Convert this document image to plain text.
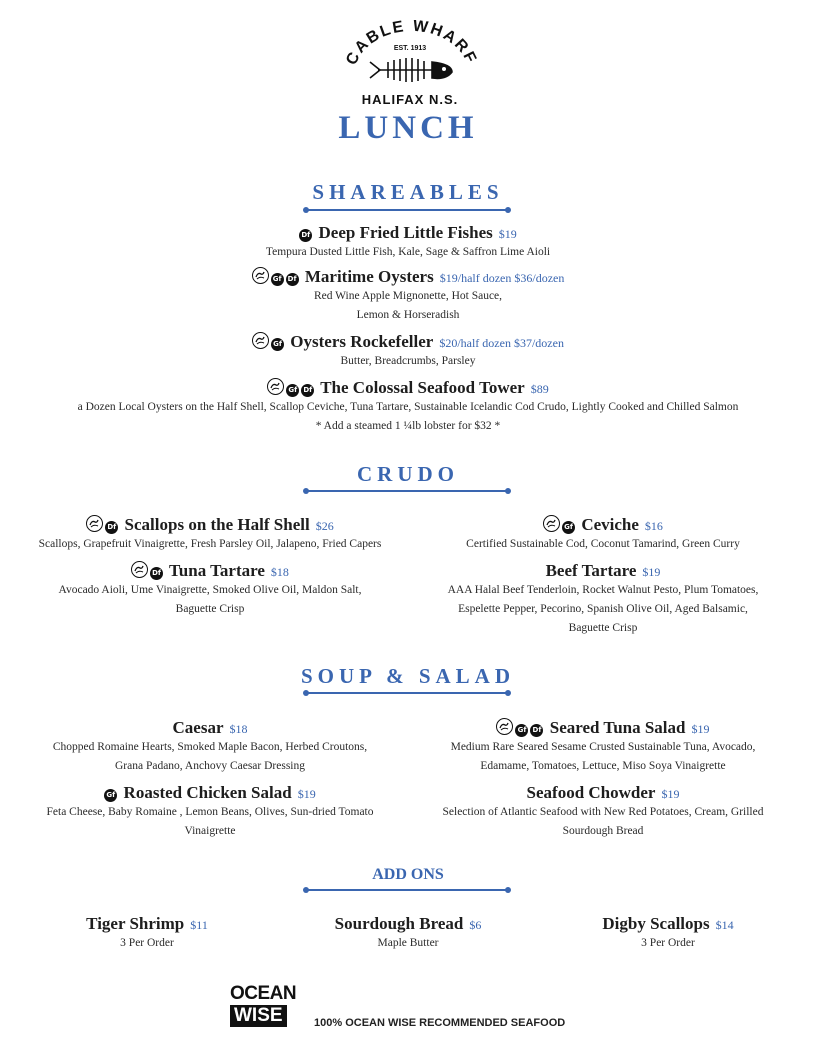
CABLE WHARF
EST. 1913
HALIFAX N.S.
LUNCH
SHAREABLES
Df Deep Fried Little Fishes $19
Tempura Dusted Little Fish, Kale, Sage & Saffron Lime Aioli
Gf Df Maritime Oysters $19/half dozen $36/dozen
Red Wine Apple Mignonette, Hot Sauce,
Lemon & Horseradish
Gf Oysters Rockefeller $20/half dozen $37/dozen
Butter, Breadcrumbs, Parsley
Gf Df The Colossal Seafood Tower $89
a Dozen Local Oysters on the Half Shell, Scallop Ceviche, Tuna Tartare, Sustainable Icelandic Cod Crudo, Lightly Cooked and Chilled Salmon
* Add a steamed 1 ¼lb lobster for $32 *
CRUDO
Df Scallops on the Half Shell $26
Scallops, Grapefruit Vinaigrette, Fresh Parsley Oil, Jalapeno, Fried Capers
Df Tuna Tartare $18
Avocado Aioli, Ume Vinaigrette, Smoked Olive Oil, Maldon Salt,
Baguette Crisp
Gf Ceviche $16
Certified Sustainable Cod, Coconut Tamarind, Green Curry
Beef Tartare $19
AAA Halal Beef Tenderloin, Rocket Walnut Pesto, Plum Tomatoes,
Espelette Pepper, Pecorino, Spanish Olive Oil, Aged Balsamic,
Baguette Crisp
SOUP & SALAD
Caesar $18
Chopped Romaine Hearts, Smoked Maple Bacon, Herbed Croutons,
Grana Padano, Anchovy Caesar Dressing
Gf Roasted Chicken Salad $19
Feta Cheese, Baby Romaine , Lemon Beans, Olives, Sun-dried Tomato
Vinaigrette
Gf Df Seared Tuna Salad $19
Medium Rare Seared Sesame Crusted Sustainable Tuna, Avocado,
Edamame, Tomatoes, Lettuce, Miso Soya Vinaigrette
Seafood Chowder $19
Selection of Atlantic Seafood with New Red Potatoes, Cream, Grilled
Sourdough Bread
ADD ONS
Tiger Shrimp $11
3 Per Order
Sourdough Bread $6
Maple Butter
Digby Scallops $14
3 Per Order
OCEAN
WISE	100% OCEAN WISE RECOMMENDED SEAFOOD
